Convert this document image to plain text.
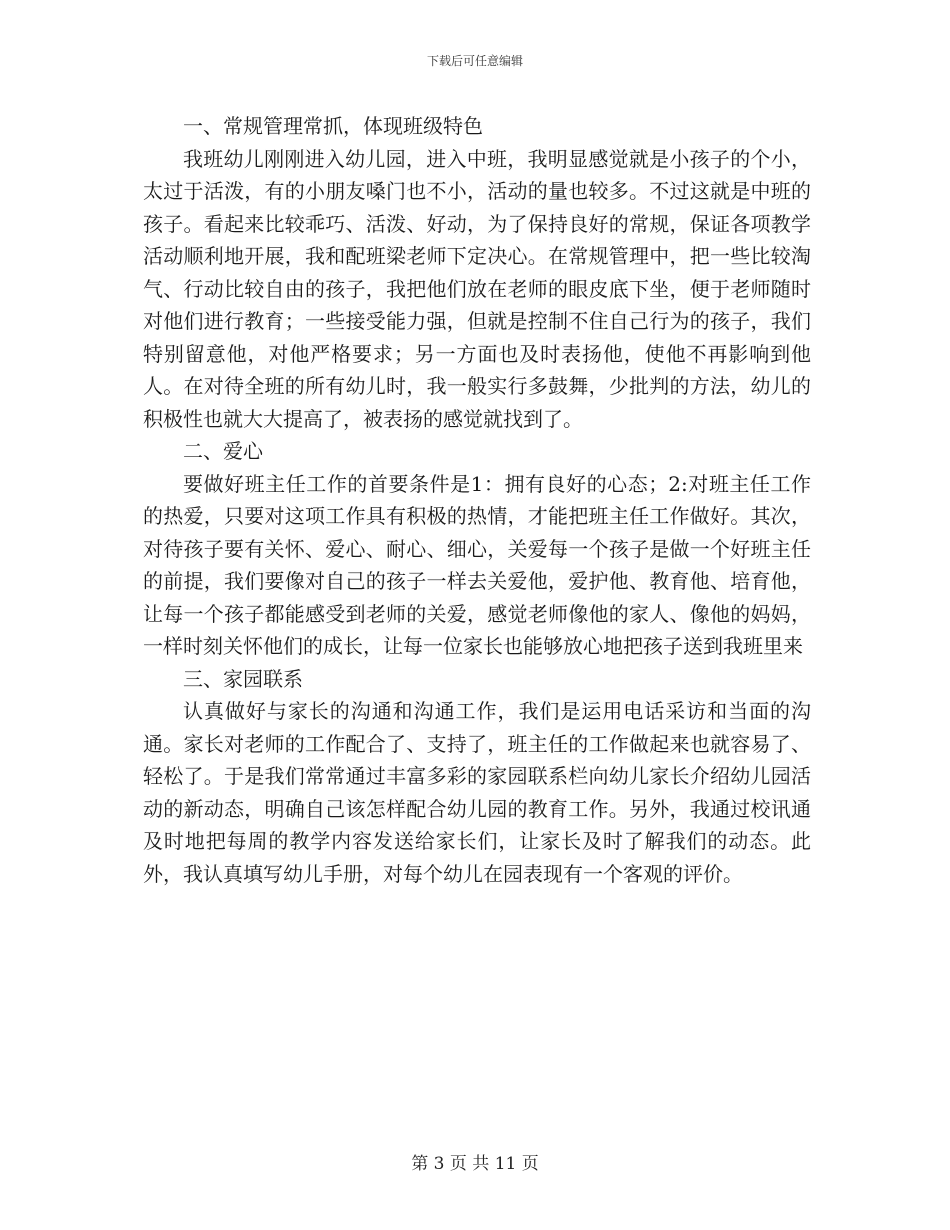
下载后可任意编辑

一、常规管理常抓，体现班级特色

我班幼儿刚刚进入幼儿园，进入中班，我明显感觉就是小孩子的个小，太过于活泼，有的小朋友嗓门也不小，活动的量也较多。不过这就是中班的孩子。看起来比较乖巧、活泼、好动，为了保持良好的常规，保证各项教学活动顺利地开展，我和配班梁老师下定决心。在常规管理中，把一些比较淘气、行动比较自由的孩子，我把他们放在老师的眼皮底下坐，便于老师随时对他们进行教育；一些接受能力强，但就是控制不住自己行为的孩子，我们特别留意他，对他严格要求；另一方面也及时表扬他，使他不再影响到他人。在对待全班的所有幼儿时，我一般实行多鼓舞，少批判的方法，幼儿的积极性也就大大提高了，被表扬的感觉就找到了。

二、爱心

要做好班主任工作的首要条件是1：拥有良好的心态；2:对班主任工作的热爱，只要对这项工作具有积极的热情，才能把班主任工作做好。其次，对待孩子要有关怀、爱心、耐心、细心，关爱每一个孩子是做一个好班主任的前提，我们要像对自己的孩子一样去关爱他，爱护他、教育他、培育他，让每一个孩子都能感受到老师的关爱，感觉老师像他的家人、像他的妈妈，一样时刻关怀他们的成长，让每一位家长也能够放心地把孩子送到我班里来

三、家园联系

认真做好与家长的沟通和沟通工作，我们是运用电话采访和当面的沟通。家长对老师的工作配合了、支持了，班主任的工作做起来也就容易了、轻松了。于是我们常常通过丰富多彩的家园联系栏向幼儿家长介绍幼儿园活动的新动态，明确自己该怎样配合幼儿园的教育工作。另外，我通过校讯通及时地把每周的教学内容发送给家长们，让家长及时了解我们的动态。此外，我认真填写幼儿手册，对每个幼儿在园表现有一个客观的评价。

第 3 页 共 11 页
